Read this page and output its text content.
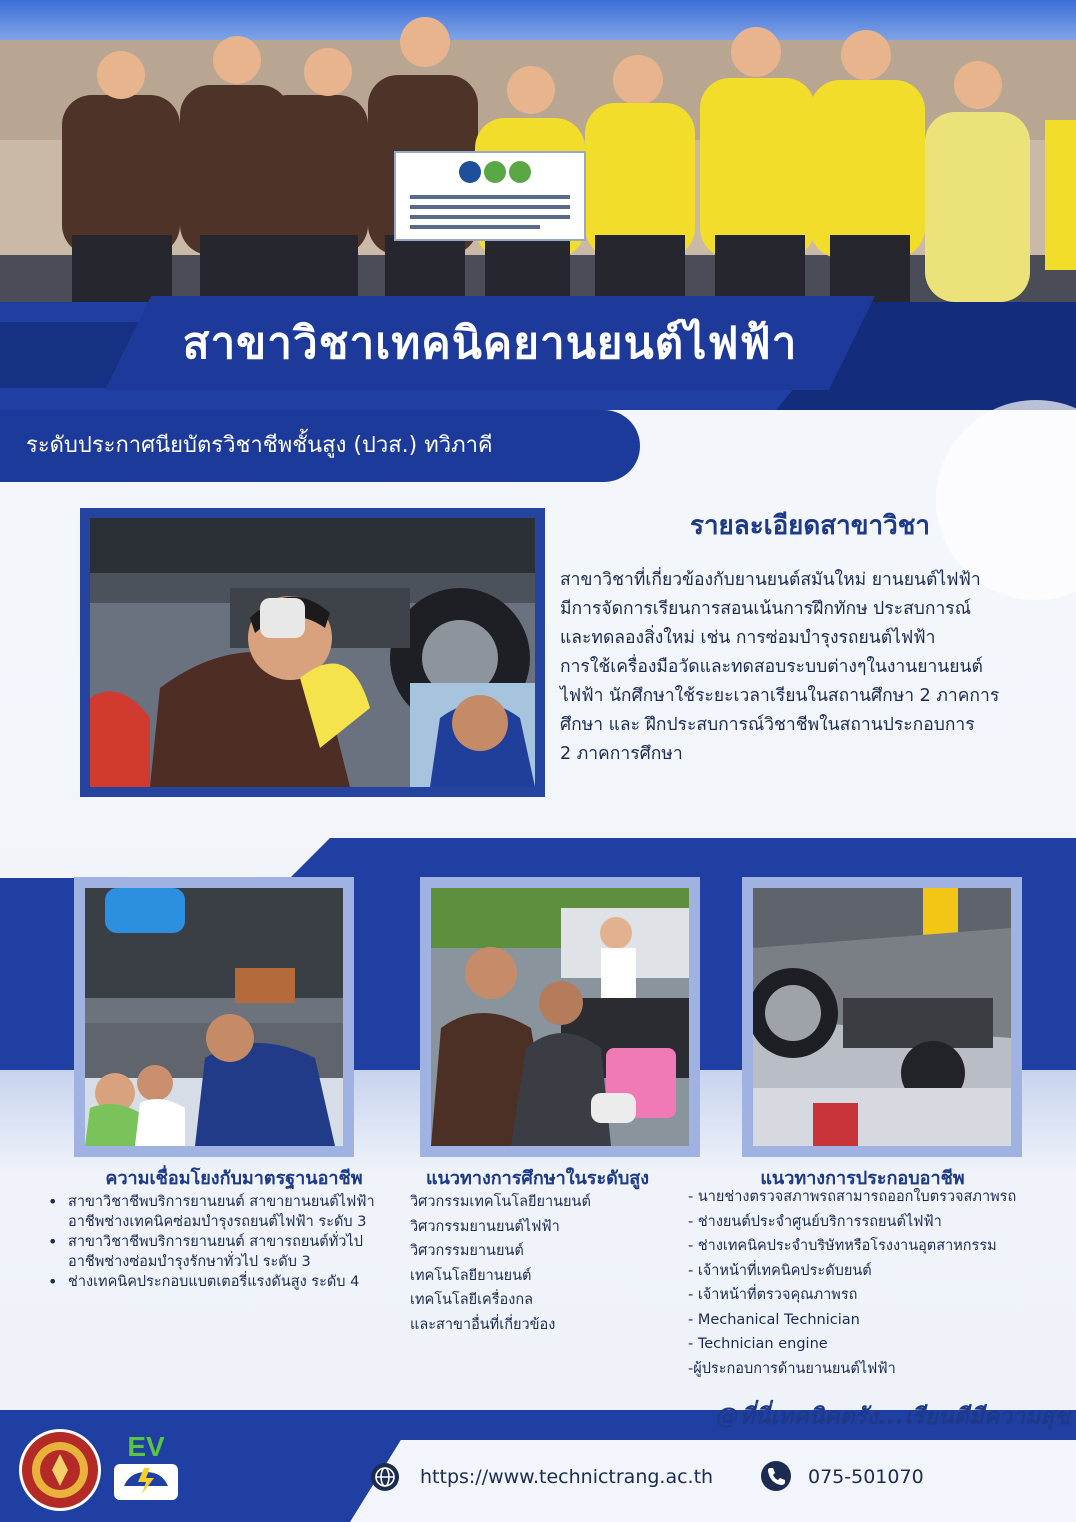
สาขาวิชาเทคนิคยานยนต์ไฟฟ้า
ระดับประกาศนียบัตรวิชาชีพชั้นสูง (ปวส.) ทวิภาคี
รายละเอียดสาขาวิชา
สาขาวิชาที่เกี่ยวข้องกับยานยนต์สมันใหม่ ยานยนต์ไฟฟ้า
มีการจัดการเรียนการสอนเน้นการฝึกทักษ ประสบการณ์
และทดลองสิ่งใหม่ เช่น การซ่อมบำรุงรถยนต์ไฟฟ้า
การใช้เครื่องมือวัดและทดสอบระบบต่างๆในงานยานยนต์
ไฟฟ้า นักศึกษาใช้ระยะเวลาเรียนในสถานศึกษา 2 ภาคการ
ศึกษา และ ฝึกประสบการณ์วิชาชีพในสถานประกอบการ
2 ภาคการศึกษา
ความเชื่อมโยงกับมาตรฐานอาชีพ	แนวทางการศึกษาในระดับสูง	แนวทางการประกอบอาชีพ
• สาขาวิชาชีพบริการยานยนต์ สาขายานยนต์ไฟฟ้า อาชีพช่างเทคนิคซ่อมบำรุงรถยนต์ไฟฟ้า ระดับ 3
• สาขาวิชาชีพบริการยานยนต์ สาขารถยนต์ทั่วไป อาชีพช่างซ่อมบำรุงรักษาทั่วไป ระดับ 3
• ช่างเทคนิคประกอบแบตเตอรี่แรงดันสูง ระดับ 4
วิศวกรรมเทคโนโลยียานยนต์
วิศวกรรมยานยนต์ไฟฟ้า
วิศวกรรมยานยนต์
เทคโนโลยียานยนต์
เทคโนโลยีเครื่องกล
และสาขาอื่นที่เกี่ยวข้อง
- นายช่างตรวจสภาพรถสามารถออกใบตรวจสภาพรถ
- ช่างยนต์ประจำศูนย์บริการรถยนต์ไฟฟ้า
- ช่างเทคนิคประจำบริษัทหรือโรงงานอุตสาหกรรม
- เจ้าหน้าที่เทคนิคประดับยนต์
- เจ้าหน้าที่ตรวจคุณภาพรถ
- Mechanical Technician
- Technician engine
-ผู้ประกอบการด้านยานยนต์ไฟฟ้า
@ที่นี่เทคนิคตรัง...เรียนดีมีความสุข
EV
https://www.technictrang.ac.th	075-501070
